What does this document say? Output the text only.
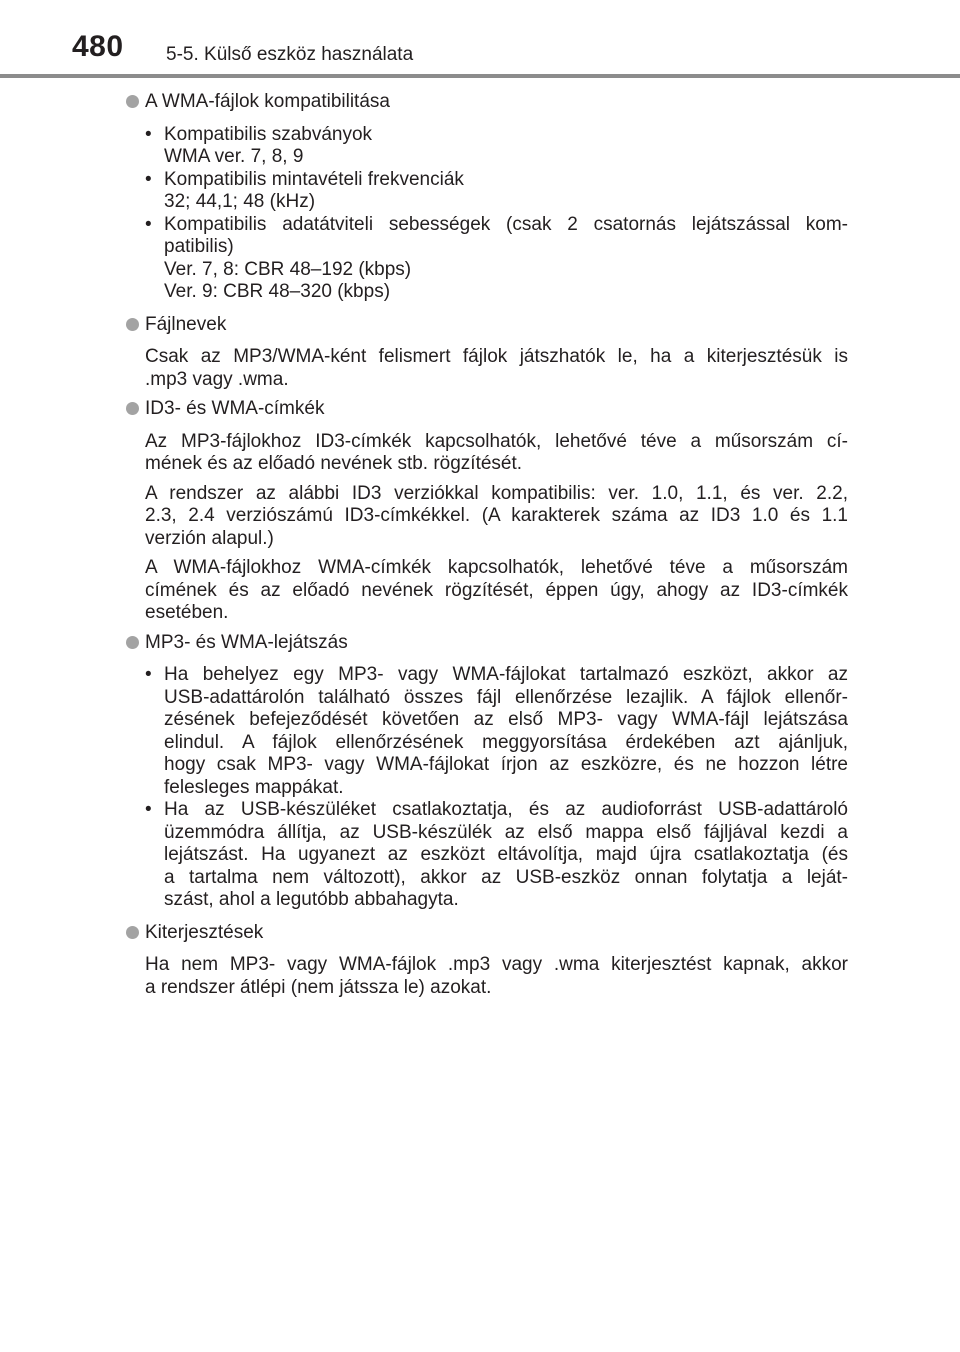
480 5-5. Külső eszköz használata
A WMA-fájlok kompatibilitása
• Kompatibilis szabványok
WMA ver. 7, 8, 9
• Kompatibilis mintavételi frekvenciák
32; 44,1; 48 (kHz)
• Kompatibilis adatátviteli sebességek (csak 2 csatornás lejátszással kom-
patibilis)
Ver. 7, 8: CBR 48–192 (kbps)
Ver. 9: CBR 48–320 (kbps)
Fájlnevek
Csak az MP3/WMA-ként felismert fájlok játszhatók le, ha a kiterjesztésük is
.mp3 vagy .wma.
ID3- és WMA-címkék
Az MP3-fájlokhoz ID3-címkék kapcsolhatók, lehetővé téve a műsorszám cí-
mének és az előadó nevének stb. rögzítését.
A rendszer az alábbi ID3 verziókkal kompatibilis: ver. 1.0, 1.1, és ver. 2.2,
2.3, 2.4 verziószámú ID3-címkékkel. (A karakterek száma az ID3 1.0 és 1.1
verzión alapul.)
A WMA-fájlokhoz WMA-címkék kapcsolhatók, lehetővé téve a műsorszám
címének és az előadó nevének rögzítését, éppen úgy, ahogy az ID3-címkék
esetében.
MP3- és WMA-lejátszás
• Ha behelyez egy MP3- vagy WMA-fájlokat tartalmazó eszközt, akkor az
USB-adattárolón található összes fájl ellenőrzése lezajlik. A fájlok ellenőr-
zésének befejeződését követően az első MP3- vagy WMA-fájl lejátszása
elindul. A fájlok ellenőrzésének meggyorsítása érdekében azt ajánljuk,
hogy csak MP3- vagy WMA-fájlokat írjon az eszközre, és ne hozzon létre
felesleges mappákat.
• Ha az USB-készüléket csatlakoztatja, és az audioforrást USB-adattároló
üzemmódra állítja, az USB-készülék az első mappa első fájljával kezdi a
lejátszást. Ha ugyanezt az eszközt eltávolítja, majd újra csatlakoztatja (és
a tartalma nem változott), akkor az USB-eszköz onnan folytatja a leját-
szást, ahol a legutóbb abbahagyta.
Kiterjesztések
Ha nem MP3- vagy WMA-fájlok .mp3 vagy .wma kiterjesztést kapnak, akkor
a rendszer átlépi (nem játssza le) azokat.
